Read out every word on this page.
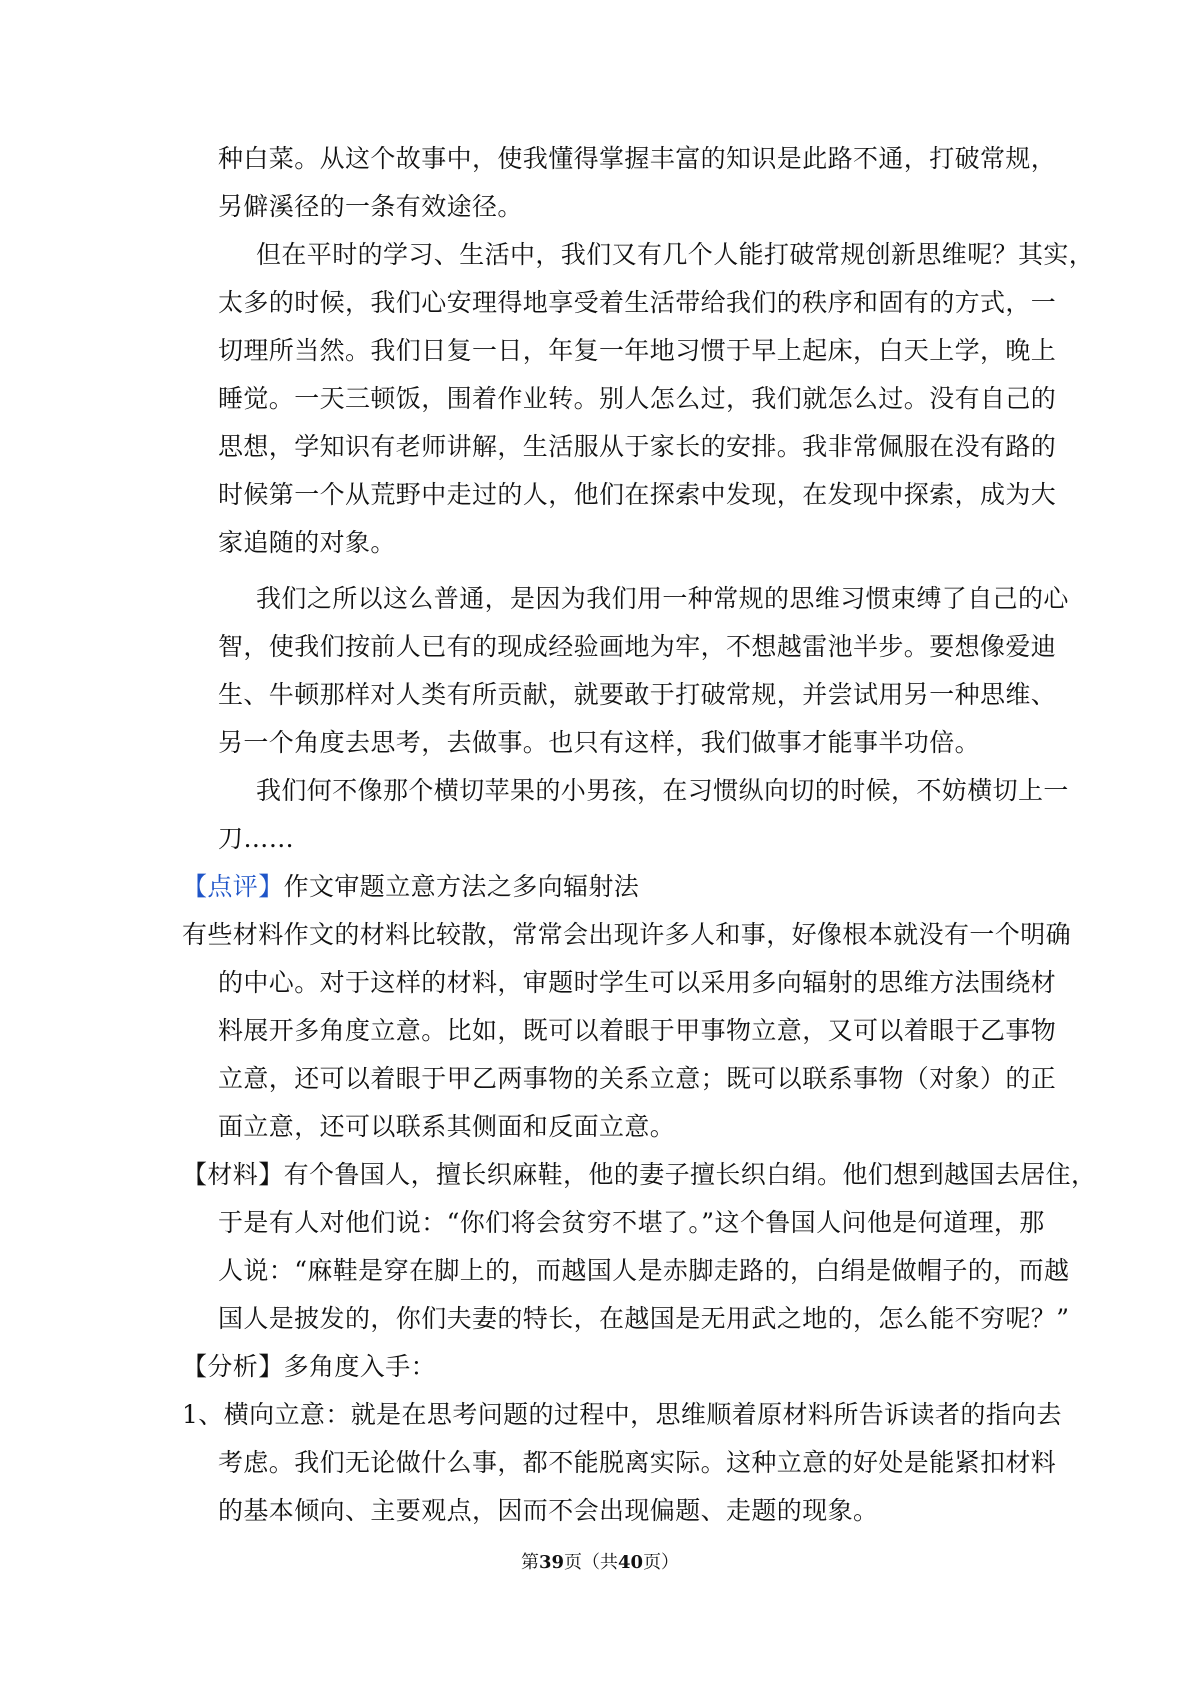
种白菜。从这个故事中，使我懂得掌握丰富的知识是此路不通，打破常规，
另僻溪径的一条有效途径。
但在平时的学习、生活中，我们又有几个人能打破常规创新思维呢？其实，
太多的时候，我们心安理得地享受着生活带给我们的秩序和固有的方式，一
切理所当然。我们日复一日，年复一年地习惯于早上起床，白天上学，晚上
睡觉。一天三顿饭，围着作业转。别人怎么过，我们就怎么过。没有自己的
思想，学知识有老师讲解，生活服从于家长的安排。我非常佩服在没有路的
时候第一个从荒野中走过的人，他们在探索中发现，在发现中探索，成为大
家追随的对象。
我们之所以这么普通，是因为我们用一种常规的思维习惯束缚了自己的心
智，使我们按前人已有的现成经验画地为牢，不想越雷池半步。要想像爱迪
生、牛顿那样对人类有所贡献，就要敢于打破常规，并尝试用另一种思维、
另一个角度去思考，去做事。也只有这样，我们做事才能事半功倍。
我们何不像那个横切苹果的小男孩，在习惯纵向切的时候，不妨横切上一
刀……
【点评】作文审题立意方法之多向辐射法
有些材料作文的材料比较散，常常会出现许多人和事，好像根本就没有一个明确
的中心。对于这样的材料，审题时学生可以采用多向辐射的思维方法围绕材
料展开多角度立意。比如，既可以着眼于甲事物立意，又可以着眼于乙事物
立意，还可以着眼于甲乙两事物的关系立意；既可以联系事物（对象）的正
面立意，还可以联系其侧面和反面立意。
【材料】有个鲁国人，擅长织麻鞋，他的妻子擅长织白绢。他们想到越国去居住，
于是有人对他们说：“你们将会贫穷不堪了。”这个鲁国人问他是何道理，那
人说：“麻鞋是穿在脚上的，而越国人是赤脚走路的，白绢是做帽子的，而越
国人是披发的，你们夫妻的特长，在越国是无用武之地的，怎么能不穷呢？”
【分析】多角度入手：
1、横向立意：就是在思考问题的过程中，思维顺着原材料所告诉读者的指向去
考虑。我们无论做什么事，都不能脱离实际。这种立意的好处是能紧扣材料
的基本倾向、主要观点，因而不会出现偏题、走题的现象。
第39页（共40页）
